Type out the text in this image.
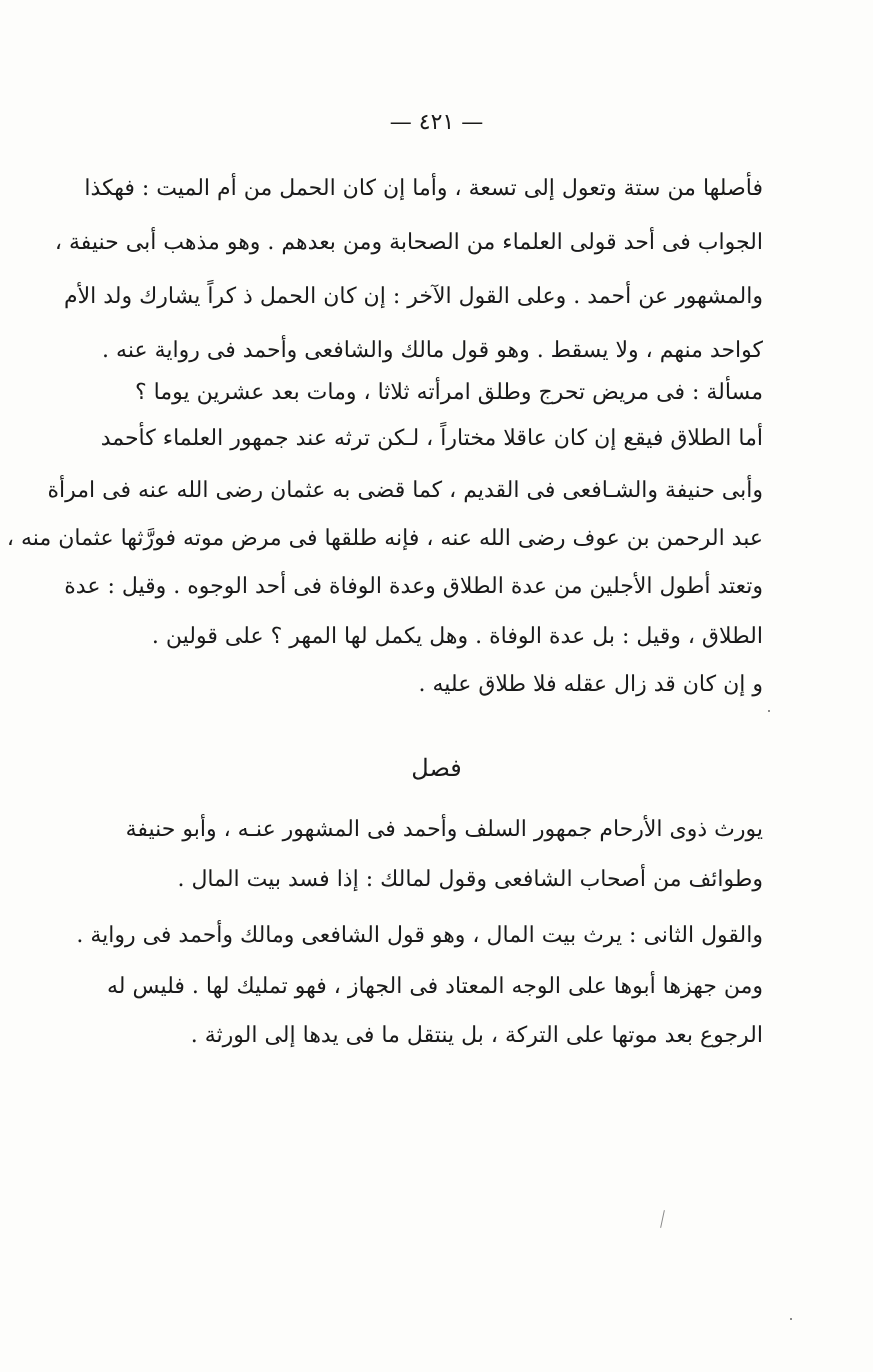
— ٤٢١ —
فأصلها من ستة وتعول إلى تسعة ، وأما إن كان الحمل من أم الميت : فهكذا
الجواب فى أحد قولى العلماء من الصحابة ومن بعدهم . وهو مذهب أبى حنيفة ،
والمشهور عن أحمد . وعلى القول الآخر : إن كان الحمل ذ كراً يشارك ولد الأم
كواحد منهم ، ولا يسقط . وهو قول مالك والشافعى وأحمد فى رواية عنه .
مسألة : فى مريض تحرج وطلق امرأته ثلاثا ، ومات بعد عشرين يوما ؟
أما الطلاق فيقع إن كان عاقلا مختاراً ، لـكن ترثه عند جمهور العلماء كأحمد
وأبى حنيفة والشـافعى فى القديم ، كما قضى به عثمان رضى الله عنه فى امرأة
عبد الرحمن بن عوف رضى الله عنه ، فإنه طلقها فى مرض موته فورَّثها عثمان منه ،
وتعتد أطول الأجلين من عدة الطلاق وعدة الوفاة فى أحد الوجوه . وقيل : عدة
الطلاق ، وقيل : بل عدة الوفاة . وهل يكمل لها المهر ؟ على قولين .
و إن كان قد زال عقله فلا طلاق عليه .
فصل
يورث ذوى الأرحام جمهور السلف وأحمد فى المشهور عنـه ، وأبو حنيفة
وطوائف من أصحاب الشافعى وقول لمالك : إذا فسد بيت المال .
والقول الثانى : يرث بيت المال ، وهو قول الشافعى ومالك وأحمد فى رواية .
ومن جهزها أبوها على الوجه المعتاد فى الجهاز ، فهو تمليك لها . فليس له
الرجوع بعد موتها على التركة ، بل ينتقل ما فى يدها إلى الورثة .
